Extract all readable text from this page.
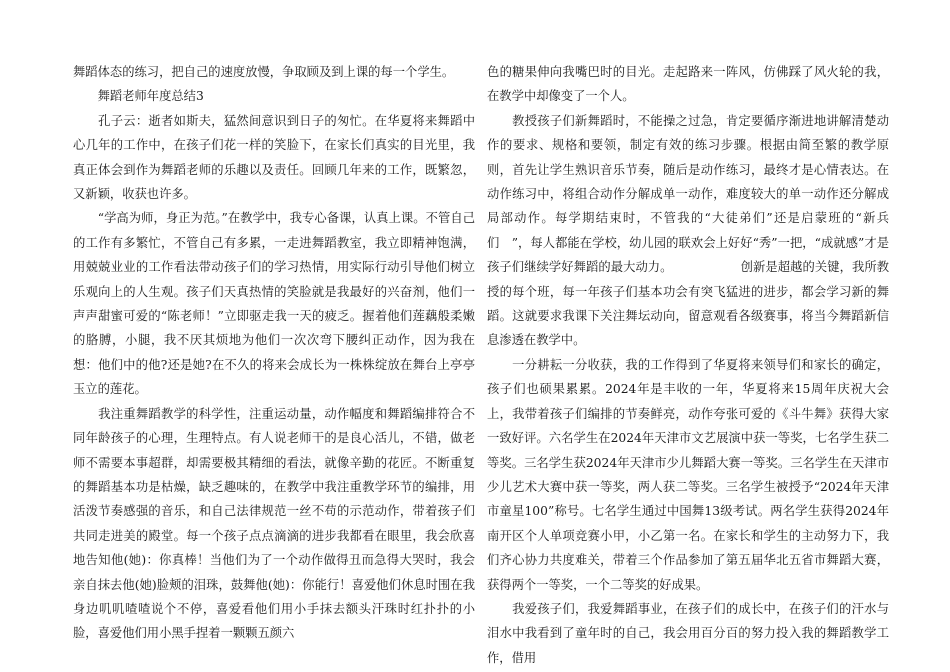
舞蹈体态的练习，把自己的速度放慢，争取顾及到上课的每一个学生。

　　舞蹈老师年度总结3

　　孔子云：逝者如斯夫，猛然间意识到日子的匆忙。在华夏将来舞蹈中心几年的工作中，在孩子们花一样的笑脸下，在家长们真实的目光里，我真正体会到作为舞蹈老师的乐趣以及责任。回顾几年来的工作，既繁忽，又新颖，收获也许多。

　　“学高为师，身正为范。”在教学中，我专心备课，认真上课。不管自己的工作有多繁忙，不管自己有多累，一走进舞蹈教室，我立即精神饱满，用兢兢业业的工作看法带动孩子们的学习热情，用实际行动引导他们树立乐观向上的人生观。孩子们天真热情的笑脸就是我最好的兴奋剂，他们一声声甜蜜可爱的“陈老师！”立即驱走我一天的疲乏。握着他们莲藕般柔嫩的胳膊，小腿，我不厌其烦地为他们一次次弯下腰纠正动作，因为我在想：他们中的他?还是她?在不久的将来会成长为一株株绽放在舞台上亭亭玉立的莲花。

　　我注重舞蹈教学的科学性，注重运动量，动作幅度和舞蹈编排符合不同年龄孩子的心理，生理特点。有人说老师干的是良心活儿，不错，做老师不需要本事超群，却需要极其精细的看法，就像辛勤的花匠。不断重复的舞蹈基本功是枯燥，缺乏趣味的，在教学中我注重教学环节的编排，用活泼节奏感强的音乐，和自己法律规范一丝不苟的示范动作，带着孩子们共同走进美的殿堂。每一个孩子点点滴滴的进步我都看在眼里，我会欣喜地告知他(她)：你真棒！当他们为了一个动作做得丑而急得大哭时，我会亲自抹去他(她)脸颊的泪珠，鼓舞他(她)：你能行！喜爱他们休息时围在我身边叽叽喳喳说个不停，喜爱看他们用小手抹去额头汗珠时红扑扑的小脸，喜爱他们用小黑手捏着一颗颗五颜六

色的糖果伸向我嘴巴时的目光。走起路来一阵风，仿佛踩了风火轮的我，在教学中却像变了一个人。

　　教授孩子们新舞蹈时，不能操之过急，肯定要循序渐进地讲解清楚动作的要求、规格和要领，制定有效的练习步骤。根据由简至繁的教学原则，首先让学生熟识音乐节奏，随后是动作练习，最终才是心情表达。在动作练习中，将组合动作分解成单一动作，难度较大的单一动作还分解成局部动作。每学期结束时，不管我的“大徒弟们”还是启蒙班的“新兵们　”，每人都能在学校，幼儿园的联欢会上好好“秀”一把，“成就感”才是孩子们继续学好舞蹈的最大动力。　　　　　　创新是超越的关键，我所教授的每个班，每一年孩子们基本功会有突飞猛进的进步，都会学习新的舞蹈。这就要求我课下关注舞坛动向，留意观看各级赛事，将当今舞蹈新信息渗透在教学中。

　　一分耕耘一分收获，我的工作得到了华夏将来领导们和家长的确定，孩子们也硕果累累。2024年是丰收的一年，华夏将来15周年庆祝大会上，我带着孩子们编排的节奏鲜亮，动作夸张可爱的《斗牛舞》获得大家一致好评。六名学生在2024年天津市文艺展演中获一等奖，七名学生获二等奖。三名学生获2024年天津市少儿舞蹈大赛一等奖。三名学生在天津市少儿艺术大赛中获一等奖，两人获二等奖。三名学生被授予“2024年天津市童星100”称号。七名学生通过中国舞13级考试。两名学生获得2024年南开区个人单项竞赛小甲，小乙第一名。在家长和学生的主动努力下，我们齐心协力共度难关，带着三个作品参加了第五届华北五省市舞蹈大赛，获得两个一等奖，一个二等奖的好成果。

　　我爱孩子们，我爱舞蹈事业，在孩子们的成长中，在孩子们的汗水与泪水中我看到了童年时的自己，我会用百分百的努力投入我的舞蹈教学工作，借用
